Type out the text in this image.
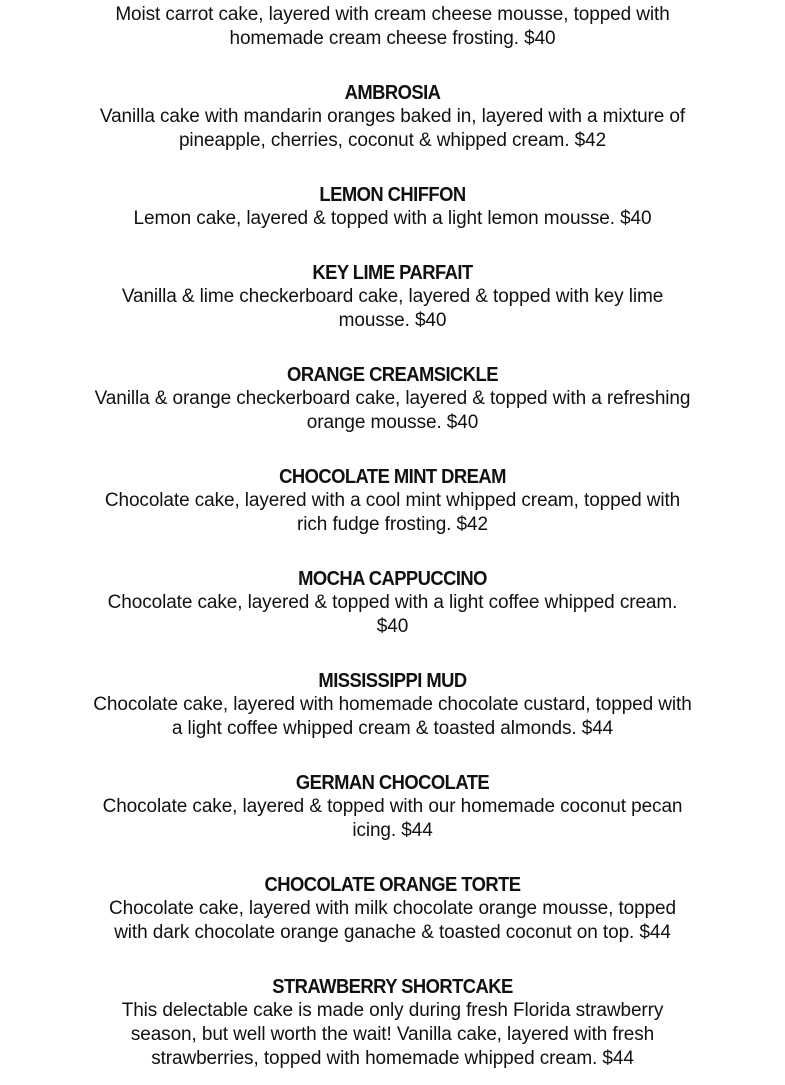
Moist carrot cake, layered with cream cheese mousse, topped with homemade cream cheese frosting. $40

AMBROSIA

Vanilla cake with mandarin oranges baked in, layered with a mixture of pineapple, cherries, coconut & whipped cream. $42

LEMON CHIFFON

Lemon cake, layered & topped with a light lemon mousse. $40

KEY LIME PARFAIT

Vanilla & lime checkerboard cake, layered & topped with key lime mousse. $40

ORANGE CREAMSICKLE

Vanilla & orange checkerboard cake, layered & topped with a refreshing orange mousse. $40

CHOCOLATE MINT DREAM

Chocolate cake, layered with a cool mint whipped cream, topped with rich fudge frosting. $42

MOCHA CAPPUCCINO

Chocolate cake, layered & topped with a light coffee whipped cream. $40

MISSISSIPPI MUD

Chocolate cake, layered with homemade chocolate custard, topped with a light coffee whipped cream & toasted almonds. $44

GERMAN CHOCOLATE

Chocolate cake, layered & topped with our homemade coconut pecan icing. $44

CHOCOLATE ORANGE TORTE

Chocolate cake, layered with milk chocolate orange mousse, topped with dark chocolate orange ganache & toasted coconut on top. $44

STRAWBERRY SHORTCAKE

This delectable cake is made only during fresh Florida strawberry season, but well worth the wait! Vanilla cake, layered with fresh strawberries, topped with homemade whipped cream. $44
